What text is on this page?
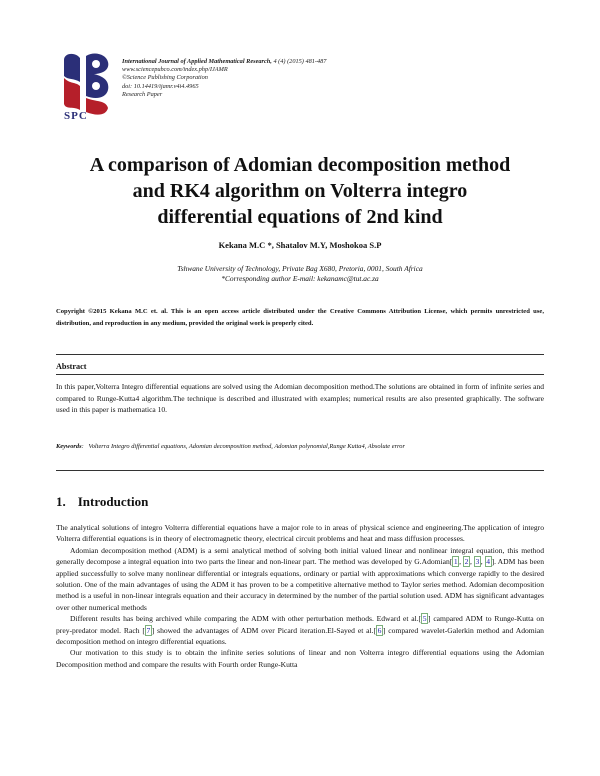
SPC
International Journal of Applied Mathematical Research, 4 (4) (2015) 481-487
www.sciencepubco.com/index.php/IJAMR
©Science Publishing Corporation
doi: 10.14419/ijamr.v4i4.4965
Research Paper
A comparison of Adomian decomposition method
and RK4 algorithm on Volterra integro
differential equations of 2nd kind
Kekana M.C *, Shatalov M.Y, Moshokoa S.P
Tshwane University of Technology, Private Bag X680, Pretoria, 0001, South Africa
*Corresponding author E-mail: kekanamc@tut.ac.za
Copyright ©2015 Kekana M.C et. al. This is an open access article distributed under the Creative Commons Attribution License, which permits unrestricted use, distribution, and reproduction in any medium, provided the original work is properly cited.
Abstract
In this paper,Volterra Integro differential equations are solved using the Adomian decomposition method.The solutions are obtained in form of infinite series and compared to Runge-Kutta4 algorithm.The technique is described and illustrated with examples; numerical results are also presented graphically. The software used in this paper is mathematica 10.
Keywords:   Volterra Integro differential equations, Adomian decomposition method, Adomian polynomial,Runge Kutta4, Absolute error
1. Introduction

The analytical solutions of integro Volterra differential equations have a major role to in areas of physical science and engineering.The application of integro Volterra differential equations is in theory of electromagnetic theory, electrical circuit problems and heat and mass diffusion processes.

Adomian decomposition method (ADM) is a semi analytical method of solving both initial valued linear and nonlinear integral equation, this method generally decompose a integral equation into two parts the linear and non-linear part. The method was developed by G.Adomian[ 1 , 2 , 3 , 4 ]. ADM has been applied successfully to solve many nonlinear differential or integrals equations, ordinary or partial with approximations which converge rapidly to the desired solution. One of the main advantages of using the ADM it has proven to be a competitive alternative method to Taylor series method. Adomian decomposition method is a useful in non-linear integrals equation and their accuracy in determined by the number of the partial solution used. ADM has significant advantages over other numerical methods

Different results has being archived while comparing the ADM with other perturbation methods. Edward et al.[ 5 ] campared ADM to Runge-Kutta on prey-predator model. Rach [ 7 ] showed the advantages of ADM over Picard iteration.El-Sayed et al.[ 6 ] compared wavelet-Galerkin method and Adomian decomposition method on integro differential equations.

Our motivation to this study is to obtain the infinite series solutions of linear and non Volterra integro differential equations using the Adomian Decomposition method and compare the results with Fourth order Runge-Kutta
